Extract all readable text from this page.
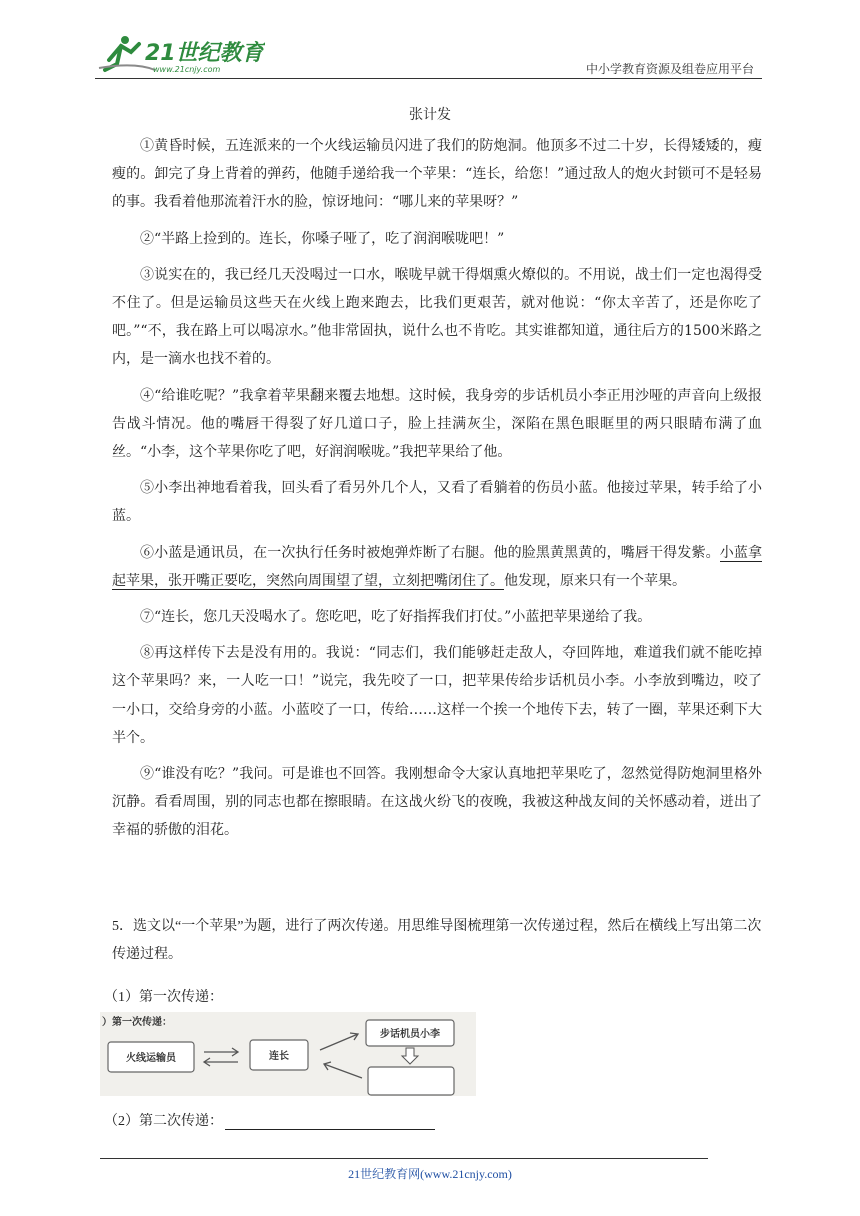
21世纪教育
www.21cnjy.com	中小学教育资源及组卷应用平台
张计发

①黄昏时候，五连派来的一个火线运输员闪进了我们的防炮洞。他顶多不过二十岁，长得矮矮的，瘦瘦的。卸完了身上背着的弹药，他随手递给我一个苹果：“连长，给您！”通过敌人的炮火封锁可不是轻易的事。我看着他那流着汗水的脸，惊讶地问：“哪儿来的苹果呀？”

②“半路上捡到的。连长，你嗓子哑了，吃了润润喉咙吧！”

③说实在的，我已经几天没喝过一口水，喉咙早就干得烟熏火燎似的。不用说，战士们一定也渴得受不住了。但是运输员这些天在火线上跑来跑去，比我们更艰苦，就对他说：“你太辛苦了，还是你吃了吧。”“不，我在路上可以喝凉水。”他非常固执，说什么也不肯吃。其实谁都知道，通往后方的1500米路之内，是一滴水也找不着的。

④“给谁吃呢？”我拿着苹果翻来覆去地想。这时候，我身旁的步话机员小李正用沙哑的声音向上级报告战斗情况。他的嘴唇干得裂了好几道口子，脸上挂满灰尘，深陷在黑色眼眶里的两只眼睛布满了血丝。“小李，这个苹果你吃了吧，好润润喉咙。”我把苹果给了他。

⑤小李出神地看着我，回头看了看另外几个人，又看了看躺着的伤员小蓝。他接过苹果，转手给了小蓝。

⑥小蓝是通讯员，在一次执行任务时被炮弹炸断了右腿。他的脸黑黄黑黄的，嘴唇干得发紫。小蓝拿起苹果，张开嘴正要吃，突然向周围望了望，立刻把嘴闭住了。他发现，原来只有一个苹果。

⑦“连长，您几天没喝水了。您吃吧，吃了好指挥我们打仗。”小蓝把苹果递给了我。

⑧再这样传下去是没有用的。我说：“同志们，我们能够赶走敌人，夺回阵地，难道我们就不能吃掉这个苹果吗？来，一人吃一口！”说完，我先咬了一口，把苹果传给步话机员小李。小李放到嘴边，咬了一小口，交给身旁的小蓝。小蓝咬了一口，传给……这样一个挨一个地传下去，转了一圈，苹果还剩下大半个。

⑨“谁没有吃？”我问。可是谁也不回答。我刚想命令大家认真地把苹果吃了，忽然觉得防炮洞里格外沉静。看看周围，别的同志也都在擦眼睛。在这战火纷飞的夜晚，我被这种战友间的关怀感动着，迸出了幸福的骄傲的泪花。

5．选文以“一个苹果”为题，进行了两次传递。用思维导图梳理第一次传递过程，然后在横线上写出第二次传递过程。
（1）第一次传递：
）第一次传递：
火线运输员	连长
步话机员小李
（2）第二次传递：
21世纪教育网(www.21cnjy.com)
